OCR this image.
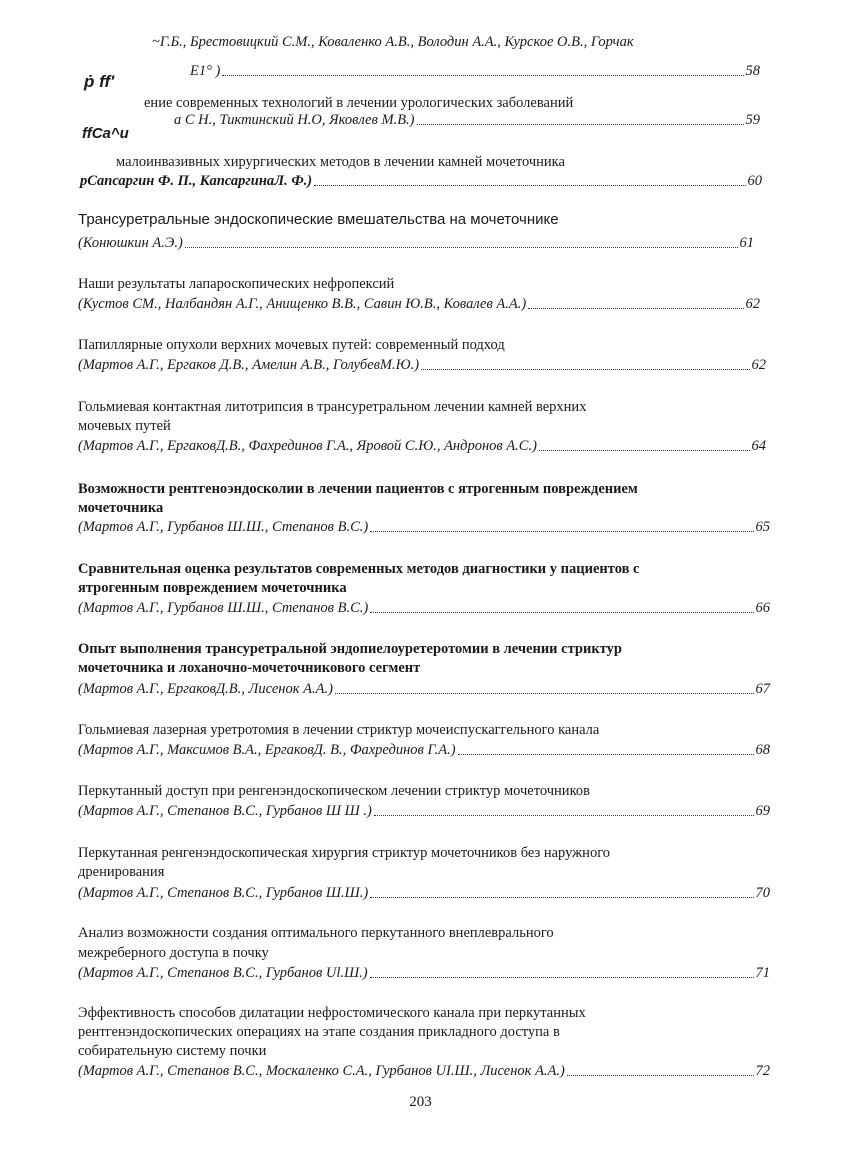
~Г.Б., Брестовицкий С.М., Коваленко А.В., Володин А.А., Курское О.В., Горчак
Е1° )	58
ṗ ff'
ffCa^u
ение современных технологий в лечении урологических заболеваний
а С Н., Тиктинский Н.О, Яковлев М.В.)	59
малоинвазивных хирургических методов в лечении камней мочеточника
рСапсаргин Ф. П., КапсаргинаЛ. Ф.)	60
Трансуретральные эндоскопические вмешательства на мочеточнике
(Конюшкин А.Э.)	61
Наши результаты лапароскопических нефропексий
(Кустов СМ., Налбандян А.Г., Анищенко В.В., Савин Ю.В., Ковалев А.А.)	62
Папиллярные опухоли верхних мочевых путей: современный подход
(Мартов А.Г., Ергаков Д.В., Амелин А.В., ГолубевМ.Ю.)	62
Гольмиевая контактная литотрипсия в трансуретральном лечении камней верхних
мочевых путей
(Мартов А.Г., ЕргаковД.В., Фахрединов Г.А., Яровой С.Ю., Андронов А.С.)	64
Возможности рентгеноэндосколии в лечении пациентов с ятрогенным повреждением
мочеточника
(Мартов А.Г., Гурбанов Ш.Ш., Степанов В.С.)	65
Сравнительная оценка результатов современных методов диагностики у пациентов с
ятрогенным повреждением мочеточника
(Мартов А.Г., Гурбанов Ш.Ш., Степанов В.С.)	66
Опыт выполнения трансуретральной эндопиелоуретеротомии в лечении стриктур
мочеточника и лоханочно-мочеточникового сегмент
(Мартов А.Г., ЕргаковД.В., Лисенок А.А.)	67
Гольмиевая лазерная уретротомия в лечении стриктур мочеиспускаггельного канала
(Мартов А.Г., Максимов В.А., ЕргаковД. В., Фахрединов Г.А.)	68
Перкутанный доступ при ренгенэндоскопическом лечении стриктур мочеточников
(Мартов А.Г., Степанов В.С., Гурбанов Ш Ш .)	69
Перкутанная ренгенэндоскопическая хирургия стриктур мочеточников без наружного
дренирования
(Мартов А.Г., Степанов В.С., Гурбанов Ш.Ш.)	70
Анализ возможности создания оптимального перкутанного внеплеврального
межреберного доступа в почку
(Мартов А.Г., Степанов В.С., Гурбанов Ul.Ш.)	71
Эффективность способов дилатации нефростомического канала при перкутанных
рентгенэндоскопических операциях на этапе создания прикладного доступа в
собирательную систему почки
(Мартов А.Г., Степанов В.С., Москаленко С.А., Гурбанов UI.Ш., Лисенок А.А.)	72
203
